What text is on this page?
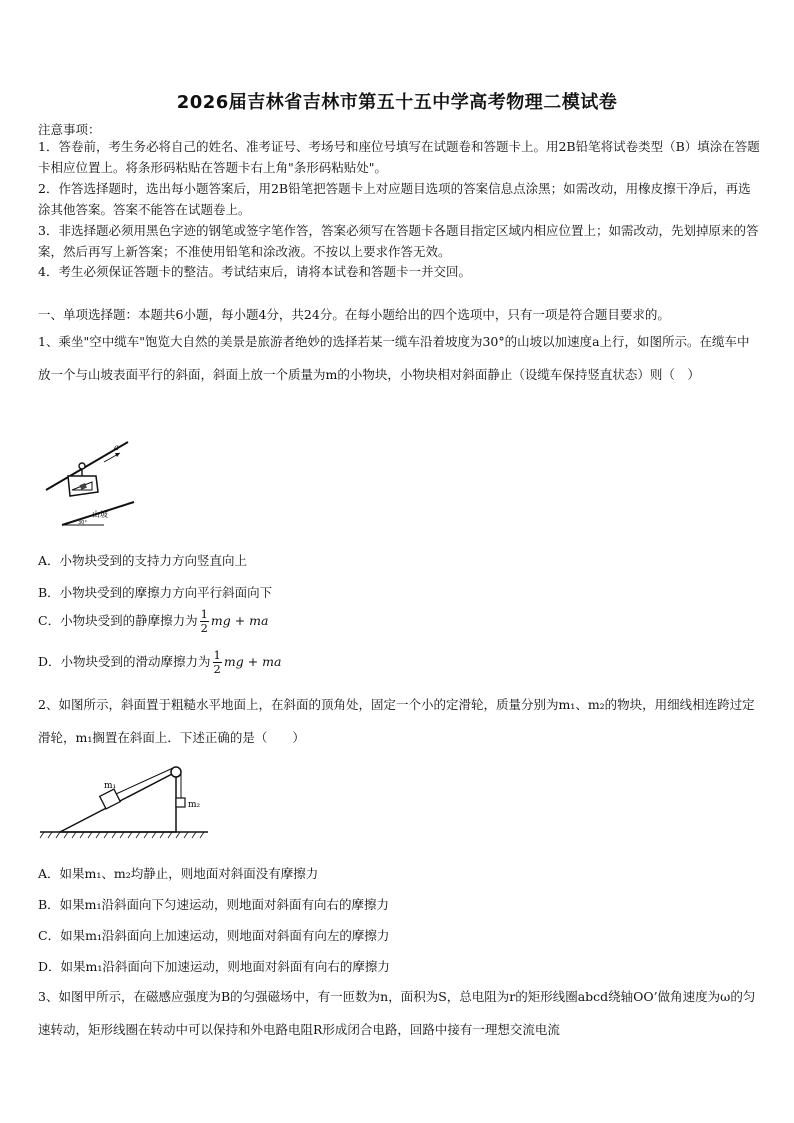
2026届吉林省吉林市第五十五中学高考物理二模试卷
注意事项：
1．答卷前，考生务必将自己的姓名、准考证号、考场号和座位号填写在试题卷和答题卡上。用2B铅笔将试卷类型（B）填涂在答题卡相应位置上。将条形码粘贴在答题卡右上角"条形码粘贴处"。
2．作答选择题时，选出每小题答案后，用2B铅笔把答题卡上对应题目选项的答案信息点涂黑；如需改动，用橡皮擦干净后，再选涂其他答案。答案不能答在试题卷上。
3．非选择题必须用黑色字迹的钢笔或签字笔作答，答案必须写在答题卡各题目指定区域内相应位置上；如需改动，先划掉原来的答案，然后再写上新答案；不准使用铅笔和涂改液。不按以上要求作答无效。
4．考生必须保证答题卡的整洁。考试结束后，请将本试卷和答题卡一并交回。
一、单项选择题：本题共6小题，每小题4分，共24分。在每小题给出的四个选项中，只有一项是符合题目要求的。
1、乘坐"空中缆车"饱览大自然的美景是旅游者绝妙的选择若某一缆车沿着坡度为30°的山坡以加速度a上行，如图所示。在缆车中放一个与山坡表面平行的斜面，斜面上放一个质量为m的小物块，小物块相对斜面静止（设缆车保持竖直状态）则（　）
a
山坡
30°
A．小物块受到的支持力方向竖直向上
B．小物块受到的摩擦力方向平行斜面向下
C．小物块受到的静摩擦力为 $\frac{1}{2}$ mg + ma
D．小物块受到的滑动摩擦力为 $\frac{1}{2}$ mg + ma
2、如图所示，斜面置于粗糙水平地面上，在斜面的顶角处，固定一个小的定滑轮，质量分别为m₁、m₂的物块，用细线相连跨过定滑轮，m₁搁置在斜面上．下述正确的是（　　）
m₁
m₂
A．如果m₁、m₂均静止，则地面对斜面没有摩擦力
B．如果m₁沿斜面向下匀速运动，则地面对斜面有向右的摩擦力
C．如果m₁沿斜面向上加速运动，则地面对斜面有向左的摩擦力
D．如果m₁沿斜面向下加速运动，则地面对斜面有向右的摩擦力
3、如图甲所示，在磁感应强度为B的匀强磁场中，有一匝数为n，面积为S，总电阻为r的矩形线圈abcd绕轴OO’做角速度为ω的匀速转动，矩形线圈在转动中可以保持和外电路电阻R形成闭合电路，回路中接有一理想交流电流
